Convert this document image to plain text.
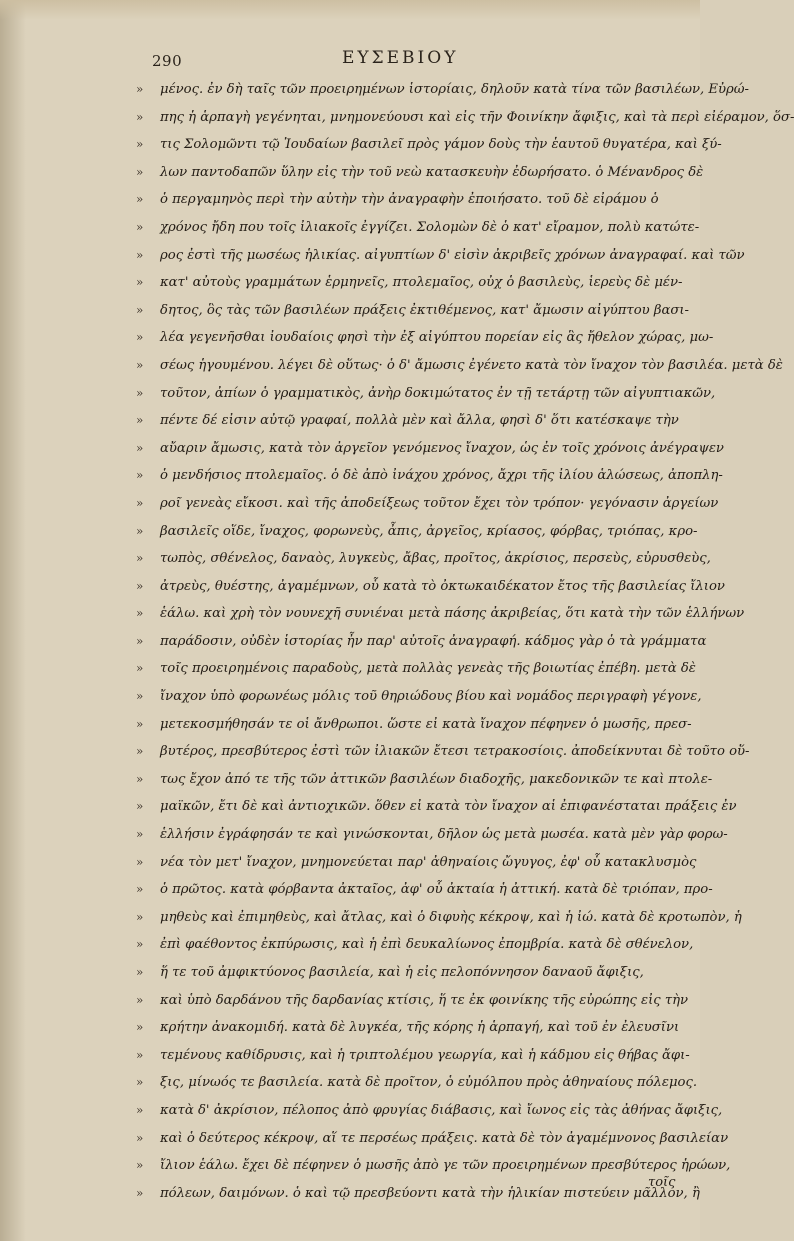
290	ΕΥΣΕΒΙΟΥ
»	μένος. ἐν δὴ ταῖς τῶν προειρημένων ἱστορίαις, δηλοῦν κατὰ τίνα τῶν βασιλέων, Εὐρώ-
»	πης ἡ ἁρπαγὴ γεγένηται, μνημονεύουσι καὶ εἰς τῆν Φοινίκην ἄφιξις, καὶ τὰ περὶ εἰέραμον, ὅσ-
»	τις Σολομῶντι τῷ Ἰουδαίων βασιλεῖ πρὸς γάμον δοὺς τὴν ἑαυτοῦ θυγατέρα, καὶ ξύ-
»	λων παντοδαπῶν ὕλην εἰς τὴν τοῦ νεὼ κατασκευὴν ἐδωρήσατο. ὁ Μένανδρος δὲ
»	ὁ περγαμηνὸς περὶ τὴν αὐτὴν τὴν ἀναγραφὴν ἐποιήσατο. τοῦ δὲ εἰράμου ὁ
»	χρόνος ἤδη που τοῖς ἰλιακοῖς ἐγγίζει. Σολομὼν δὲ ὁ κατ' εἴραμον, πολὺ κατώτε-
»	ρος ἐστὶ τῆς μωσέως ἡλικίας. αἰγυπτίων δ' εἰσὶν ἀκριβεῖς χρόνων ἀναγραφαί. καὶ τῶν
»	κατ' αὐτοὺς γραμμάτων ἑρμηνεῖς, πτολεμαῖος, οὐχ ὁ βασιλεὺς, ἱερεὺς δὲ μέν-
»	δητος, ὃς τὰς τῶν βασιλέων πράξεις ἐκτιθέμενος, κατ' ἄμωσιν αἰγύπτου βασι-
»	λέα γεγενῆσθαι ἰουδαίοις φησὶ τὴν ἐξ αἰγύπτου πορείαν εἰς ἃς ἤθελον χώρας, μω-
»	σέως ἡγουμένου. λέγει δὲ οὕτως· ὁ δ' ἄμωσις ἐγένετο κατὰ τὸν ἴναχον τὸν βασιλέα. μετὰ δὲ
»	τοῦτον, ἀπίων ὁ γραμματικὸς, ἀνὴρ δοκιμώτατος ἐν τῇ τετάρτῃ τῶν αἰγυπτιακῶν,
»	πέντε δέ εἰσιν αὐτῷ γραφαί, πολλὰ μὲν καὶ ἄλλα, φησὶ δ' ὅτι κατέσκαψε τὴν
»	αὔαριν ἄμωσις, κατὰ τὸν ἀργεῖον γενόμενος ἴναχον, ὡς ἐν τοῖς χρόνοις ἀνέγραψεν
»	ὁ μενδήσιος πτολεμαῖος. ὁ δὲ ἀπὸ ἰνάχου χρόνος, ἄχρι τῆς ἰλίου ἁλώσεως, ἀποπλη-
»	ροῖ γενεὰς εἴκοσι. καὶ τῆς ἀποδείξεως τοῦτον ἔχει τὸν τρόπον· γεγόνασιν ἀργείων
»	βασιλεῖς οἵδε, ἴναχος, φορωνεὺς, ἆπις, ἀργεῖος, κρίασος, φόρβας, τριόπας, κρο-
»	τωπὸς, σθένελος, δαναὸς, λυγκεὺς, ἄβας, προῖτος, ἀκρίσιος, περσεὺς, εὐρυσθεὺς,
»	ἀτρεὺς, θυέστης, ἀγαμέμνων, οὗ κατὰ τὸ ὀκτωκαιδέκατον ἔτος τῆς βασιλείας ἴλιον
»	ἑάλω. καὶ χρὴ τὸν νουνεχῆ συνιέναι μετὰ πάσης ἀκριβείας, ὅτι κατὰ τὴν τῶν ἑλλήνων
»	παράδοσιν, οὐδὲν ἱστορίας ἦν παρ' αὐτοῖς ἀναγραφή. κάδμος γὰρ ὁ τὰ γράμματα
»	τοῖς προειρημένοις παραδοὺς, μετὰ πολλὰς γενεὰς τῆς βοιωτίας ἐπέβη. μετὰ δὲ
»	ἴναχον ὑπὸ φορωνέως μόλις τοῦ θηριώδους βίου καὶ νομάδος περιγραφὴ γέγονε,
»	μετεκοσμήθησάν τε οἱ ἄνθρωποι. ὥστε εἰ κατὰ ἴναχον πέφηνεν ὁ μωσῆς, πρεσ-
»	βυτέρος, πρεσβύτερος ἐστὶ τῶν ἰλιακῶν ἔτεσι τετρακοσίοις. ἀποδείκνυται δὲ τοῦτο οὕ-
»	τως ἔχον ἀπό τε τῆς τῶν ἀττικῶν βασιλέων διαδοχῆς, μακεδονικῶν τε καὶ πτολε-
»	μαϊκῶν, ἔτι δὲ καὶ ἀντιοχικῶν. ὅθεν εἰ κατὰ τὸν ἴναχον αἱ ἐπιφανέσταται πράξεις ἐν
»	ἑλλήσιν ἐγράφησάν τε καὶ γινώσκονται, δῆλον ὡς μετὰ μωσέα. κατὰ μὲν γὰρ φορω-
»	νέα τὸν μετ' ἴναχον, μνημονεύεται παρ' ἀθηναίοις ὤγυγος, ἐφ' οὗ κατακλυσμὸς
»	ὁ πρῶτος. κατὰ φόρβαντα ἀκταῖος, ἀφ' οὗ ἀκταία ἡ ἀττική. κατὰ δὲ τριόπαν, προ-
»	μηθεὺς καὶ ἐπιμηθεὺς, καὶ ἄτλας, καὶ ὁ διφυὴς κέκροψ, καὶ ἡ ἰώ. κατὰ δὲ κροτωπὸν, ἡ
»	ἐπὶ φαέθοντος ἐκπύρωσις, καὶ ἡ ἐπὶ δευκαλίωνος ἐπομβρία. κατὰ δὲ σθένελον,
»	ἥ τε τοῦ ἀμφικτύονος βασιλεία, καὶ ἡ εἰς πελοπόννησον δαναοῦ ἄφιξις,
»	καὶ ὑπὸ δαρδάνου τῆς δαρδανίας κτίσις, ἥ τε ἐκ φοινίκης τῆς εὐρώπης εἰς τὴν
»	κρήτην ἀνακομιδή. κατὰ δὲ λυγκέα, τῆς κόρης ἡ ἁρπαγή, καὶ τοῦ ἐν ἐλευσῖνι
»	τεμένους καθίδρυσις, καὶ ἡ τριπτολέμου γεωργία, καὶ ἡ κάδμου εἰς θήβας ἄφι-
»	ξις, μίνωός τε βασιλεία. κατὰ δὲ προῖτον, ὁ εὐμόλπου πρὸς ἀθηναίους πόλεμος.
»	κατὰ δ' ἀκρίσιον, πέλοπος ἀπὸ φρυγίας διάβασις, καὶ ἴωνος εἰς τὰς ἀθήνας ἄφιξις,
»	καὶ ὁ δεύτερος κέκροψ, αἵ τε περσέως πράξεις. κατὰ δὲ τὸν ἀγαμέμνονος βασιλείαν
»	ἴλιον ἑάλω. ἔχει δὲ πέφηνεν ὁ μωσῆς ἀπὸ γε τῶν προειρημένων πρεσβύτερος ἡρώων,
»	πόλεων, δαιμόνων. ὁ καὶ τῷ πρεσβεύοντι κατὰ τὴν ἡλικίαν πιστεύειν μᾶλλον, ἢ
τοῖς
